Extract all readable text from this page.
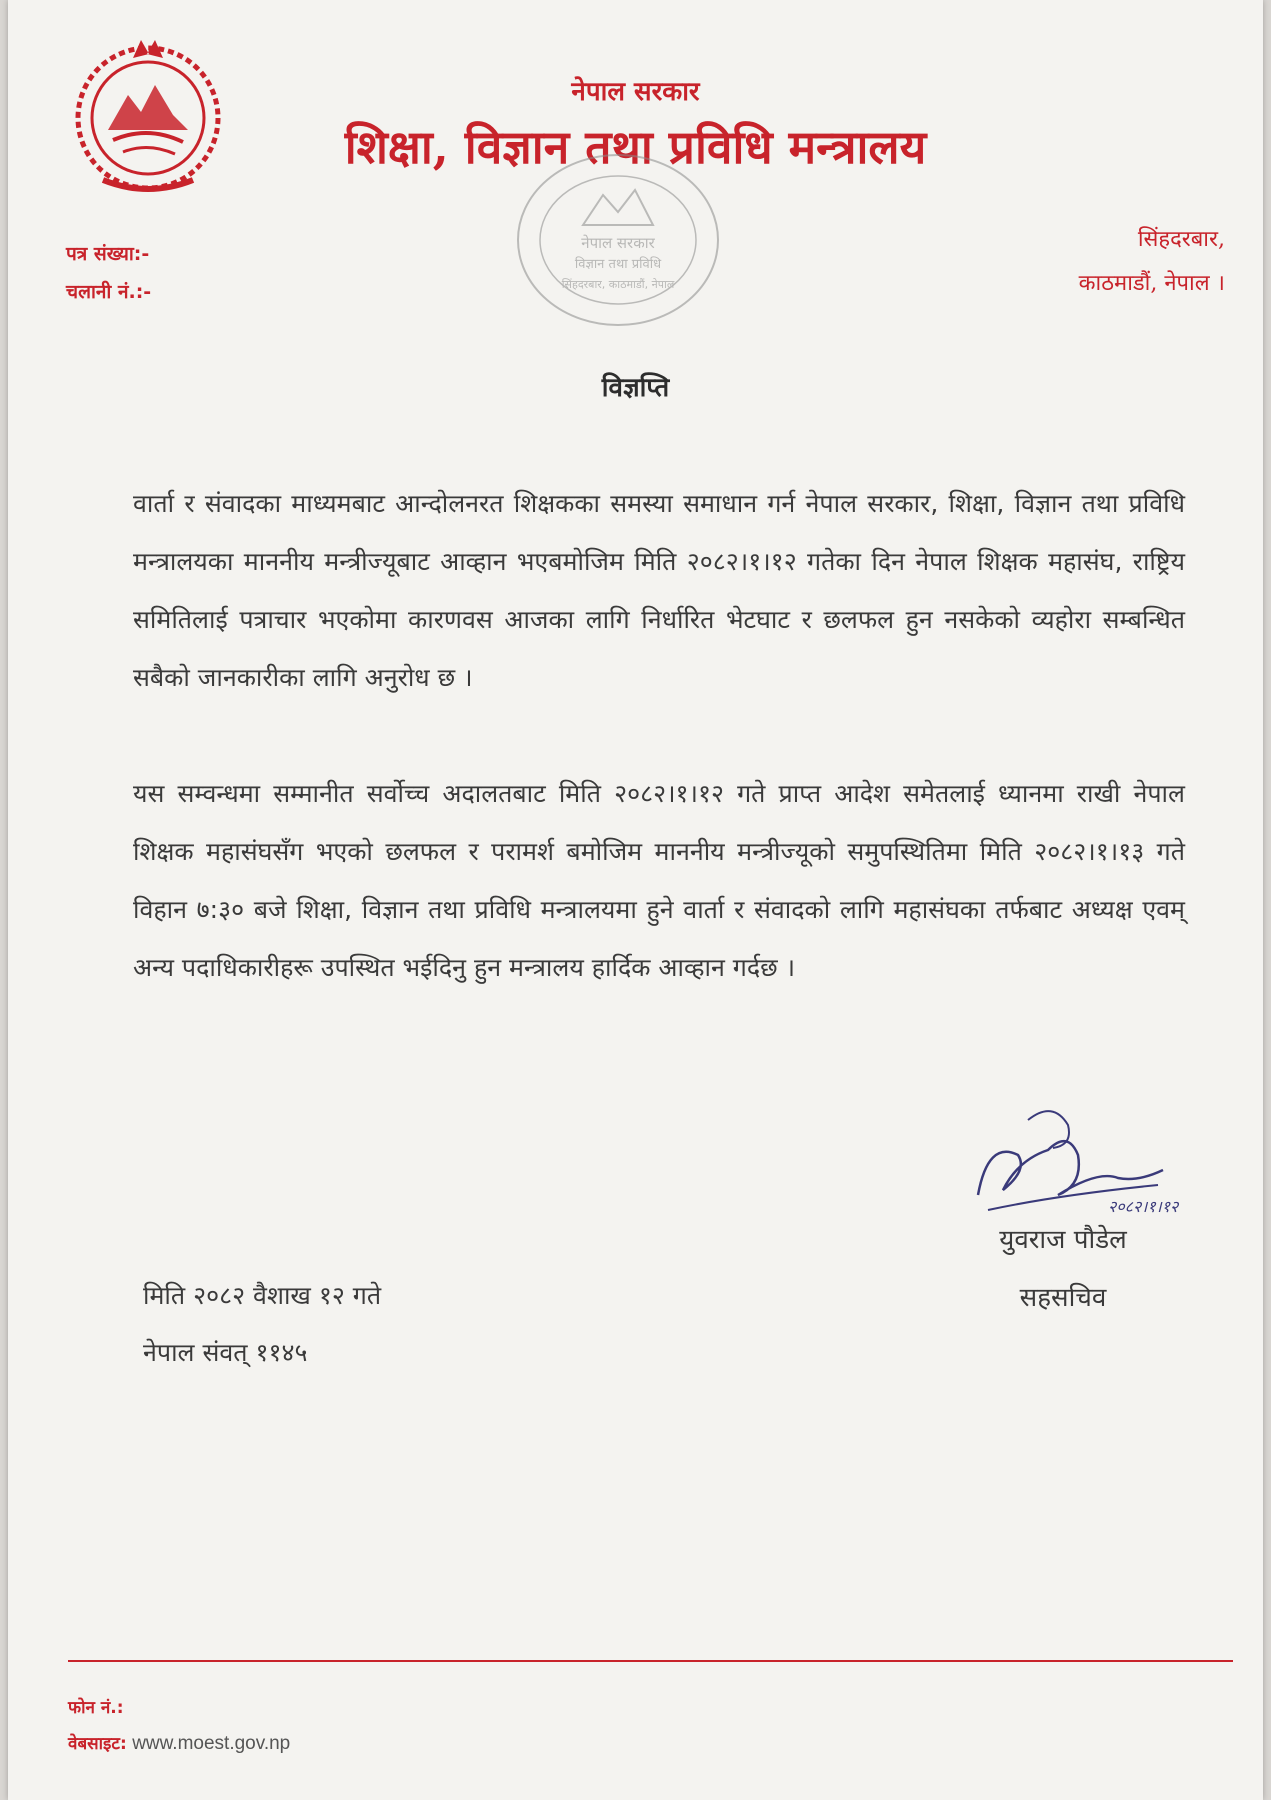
नेपाल सरकार
शिक्षा, विज्ञान तथा प्रविधि मन्त्रालय
नेपाल सरकार
विज्ञान तथा प्रविधि
सिंहदरबार, काठमाडौं, नेपाल
पत्र संख्या:-
चलानी नं.:-
सिंहदरबार,
काठमाडौं, नेपाल ।
विज्ञप्ति

वार्ता र संवादका माध्यमबाट आन्दोलनरत शिक्षकका समस्या समाधान गर्न नेपाल सरकार, शिक्षा, विज्ञान तथा प्रविधि मन्त्रालयका माननीय मन्त्रीज्यूबाट आव्हान भएबमोजिम मिति २०८२।१।१२ गतेका दिन नेपाल शिक्षक महासंघ, राष्ट्रिय समितिलाई पत्राचार भएकोमा कारणवस आजका लागि निर्धारित भेटघाट र छलफल हुन नसकेको व्यहोरा सम्बन्धित सबैको जानकारीका लागि अनुरोध छ ।

यस सम्वन्धमा सम्मानीत सर्वोच्च अदालतबाट मिति २०८२।१।१२ गते प्राप्त आदेश समेतलाई ध्यानमा राखी नेपाल शिक्षक महासंघसँग भएको छलफल र परामर्श बमोजिम माननीय मन्त्रीज्यूको समुपस्थितिमा मिति २०८२।१।१३ गते विहान ७:३० बजे शिक्षा, विज्ञान तथा प्रविधि मन्त्रालयमा हुने वार्ता र संवादको लागि महासंघका तर्फबाट अध्यक्ष एवम् अन्य पदाधिकारीहरू उपस्थित भईदिनु हुन मन्त्रालय हार्दिक आव्हान गर्दछ ।

२०८२।१।१२
युवराज पौडेल
सहसचिव
मिति २०८२ वैशाख १२ गते
नेपाल संवत् ११४५
फोन नं.:
वेबसाइट: www.moest.gov.np
